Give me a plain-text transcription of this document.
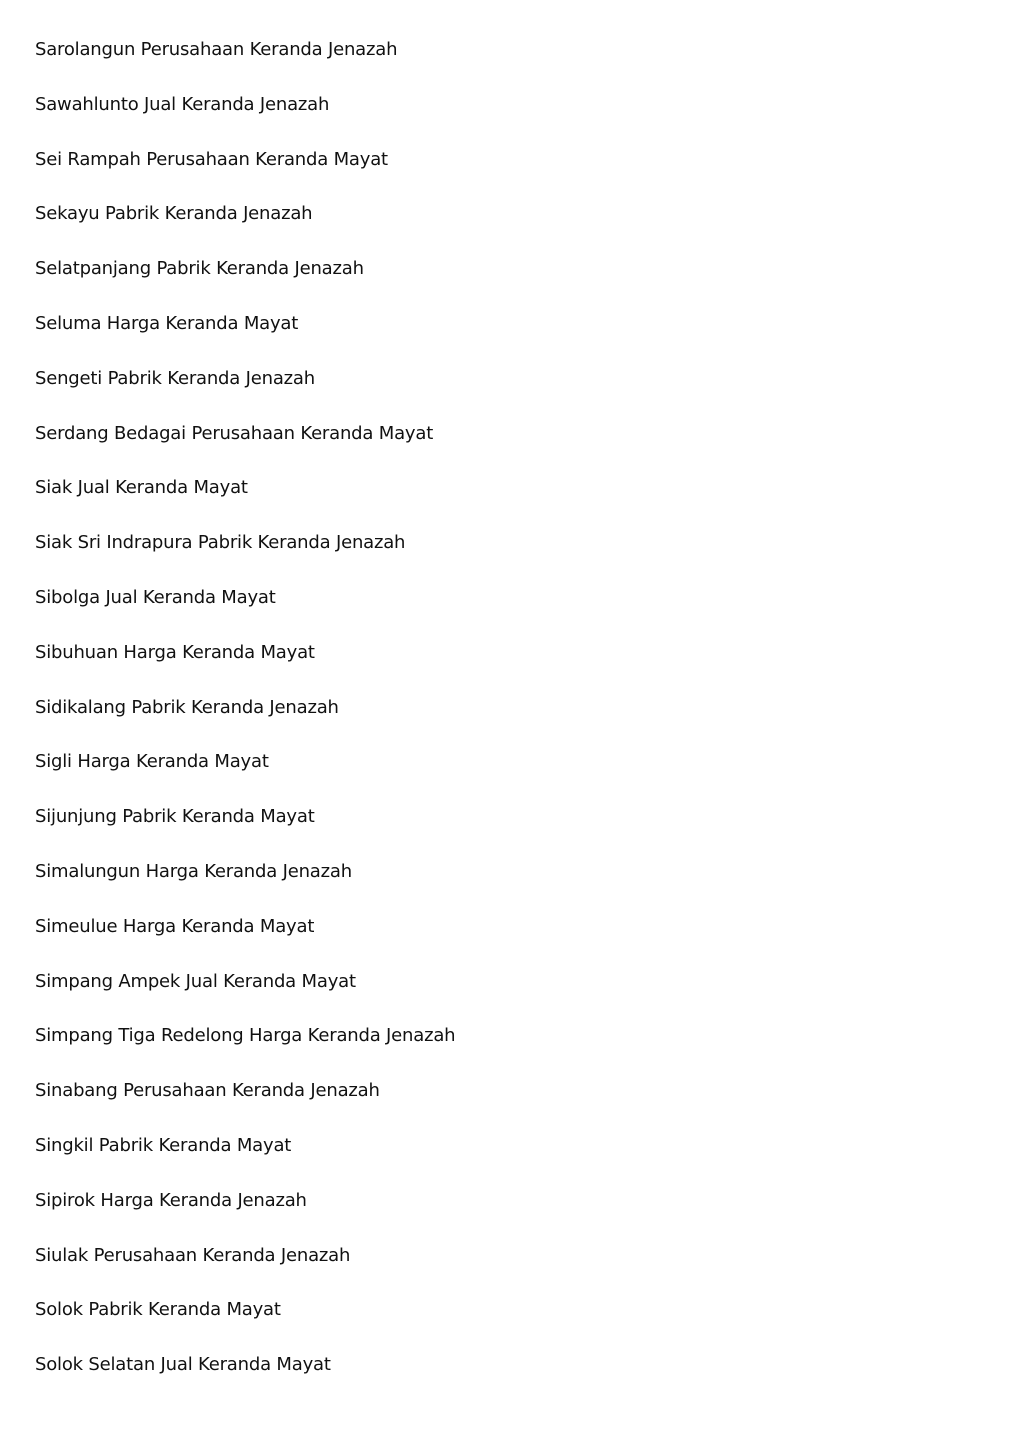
Sarolangun Perusahaan Keranda Jenazah
Sawahlunto Jual Keranda Jenazah
Sei Rampah Perusahaan Keranda Mayat
Sekayu Pabrik Keranda Jenazah
Selatpanjang Pabrik Keranda Jenazah
Seluma Harga Keranda Mayat
Sengeti Pabrik Keranda Jenazah
Serdang Bedagai Perusahaan Keranda Mayat
Siak Jual Keranda Mayat
Siak Sri Indrapura Pabrik Keranda Jenazah
Sibolga Jual Keranda Mayat
Sibuhuan Harga Keranda Mayat
Sidikalang Pabrik Keranda Jenazah
Sigli Harga Keranda Mayat
Sijunjung Pabrik Keranda Mayat
Simalungun Harga Keranda Jenazah
Simeulue Harga Keranda Mayat
Simpang Ampek Jual Keranda Mayat
Simpang Tiga Redelong Harga Keranda Jenazah
Sinabang Perusahaan Keranda Jenazah
Singkil Pabrik Keranda Mayat
Sipirok Harga Keranda Jenazah
Siulak Perusahaan Keranda Jenazah
Solok Pabrik Keranda Mayat
Solok Selatan Jual Keranda Mayat
